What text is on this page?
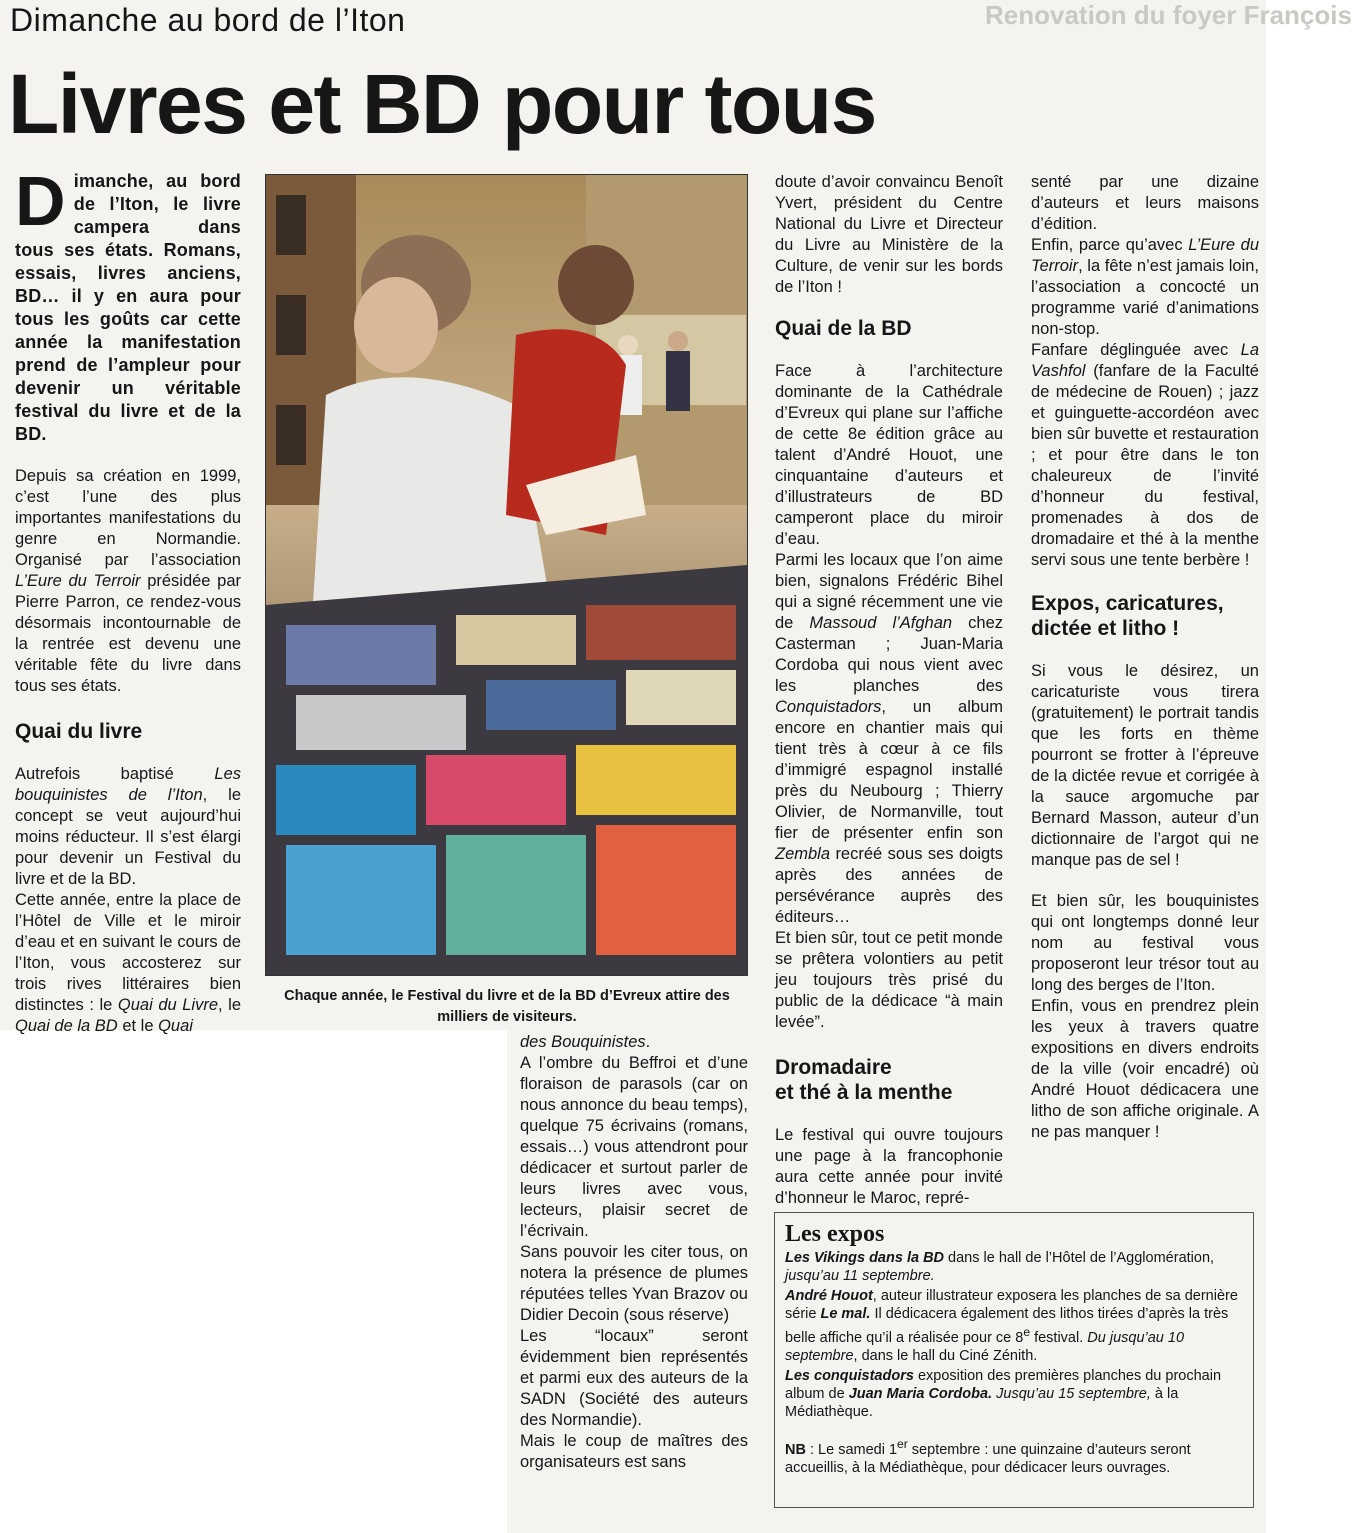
Renovation du foyer François
Dimanche au bord de l’Iton
Livres et BD pour tous

Dimanche, au bord de l’Iton, le livre campera dans tous ses états. Romans, essais, livres anciens, BD… il y en aura pour tous les goûts car cette année la manifestation prend de l’ampleur pour devenir un véritable festival du livre et de la BD.

Depuis sa création en 1999, c’est l’une des plus importantes manifestations du genre en Normandie. Organisé par l’association L’Eure du Terroir présidée par Pierre Parron, ce rendez-vous désormais incontournable de la rentrée est devenu une véritable fête du livre dans tous ses états.

Quai du livre

Autrefois baptisé Les bouquinistes de l’Iton, le concept se veut aujourd’hui moins réducteur. Il s’est élargi pour devenir un Festival du livre et de la BD.

Cette année, entre la place de l’Hôtel de Ville et le miroir d’eau et en suivant le cours de l’Iton, vous accosterez sur trois rives littéraires bien distinctes : le Quai du Livre, le Quai de la BD et le Quai

Chaque année, le Festival du livre et de la BD d’Evreux attire des milliers de visiteurs.

des Bouquinistes.

A l’ombre du Beffroi et d’une floraison de parasols (car on nous annonce du beau temps), quelque 75 écrivains (romans, essais…) vous attendront pour dédicacer et surtout parler de leurs livres avec vous, lecteurs, plaisir secret de l’écrivain.

Sans pouvoir les citer tous, on notera la présence de plumes réputées telles Yvan Brazov ou Didier Decoin (sous réserve)

Les “locaux” seront évidemment bien représentés et parmi eux des auteurs de la SADN (Société des auteurs des Normandie).

Mais le coup de maîtres des organisateurs est sans

doute d’avoir convaincu Benoît Yvert, président du Centre National du Livre et Directeur du Livre au Ministère de la Culture, de venir sur les bords de l’Iton !

Quai de la BD

Face à l’architecture dominante de la Cathédrale d’Evreux qui plane sur l’affiche de cette 8e édition grâce au talent d’André Houot, une cinquantaine d’auteurs et d’illustrateurs de BD camperont place du miroir d’eau.

Parmi les locaux que l’on aime bien, signalons Frédéric Bihel qui a signé récemment une vie de Massoud l’Afghan chez Casterman ; Juan-Maria Cordoba qui nous vient avec les planches des Conquistadors, un album encore en chantier mais qui tient très à cœur à ce fils d’immigré espagnol installé près du Neubourg ; Thierry Olivier, de Normanville, tout fier de présenter enfin son Zembla recréé sous ses doigts après des années de persévérance auprès des éditeurs…

Et bien sûr, tout ce petit monde se prêtera volontiers au petit jeu toujours très prisé du public de la dédicace “à main levée”.

Dromadaire
et thé à la menthe

Le festival qui ouvre toujours une page à la francophonie aura cette année pour invité d’honneur le Maroc, repré-

senté par une dizaine d’auteurs et leurs maisons d’édition.

Enfin, parce qu’avec L’Eure du Terroir, la fête n’est jamais loin, l’association a concocté un programme varié d’animations non-stop.

Fanfare déglinguée avec La Vashfol (fanfare de la Faculté de médecine de Rouen) ; jazz et guinguette-accordéon avec bien sûr buvette et restauration ; et pour être dans le ton chaleureux de l’invité d’honneur du festival, promenades à dos de dromadaire et thé à la menthe servi sous une tente berbère !

Expos, caricatures,
dictée et litho !

Si vous le désirez, un caricaturiste vous tirera (gratuitement) le portrait tandis que les forts en thème pourront se frotter à l’épreuve de la dictée revue et corrigée à la sauce argomuche par Bernard Masson, auteur d’un dictionnaire de l’argot qui ne manque pas de sel !

Et bien sûr, les bouquinistes qui ont longtemps donné leur nom au festival vous proposeront leur trésor tout au long des berges de l’Iton.

Enfin, vous en prendrez plein les yeux à travers quatre expositions en divers endroits de la ville (voir encadré) où André Houot dédicacera une litho de son affiche originale. A ne pas manquer !

Les expos

Les Vikings dans la BD dans le hall de l’Hôtel de l’Agglomération, jusqu’au 11 septembre.

André Houot, auteur illustrateur exposera les planches de sa dernière série Le mal. Il dédicacera également des lithos tirées d’après la très belle affiche qu’il a réalisée pour ce 8e festival. Du jusqu’au 10 septembre, dans le hall du Ciné Zénith.

Les conquistadors exposition des premières planches du prochain album de Juan Maria Cordoba. Jusqu’au 15 septembre, à la Médiathèque.

NB : Le samedi 1er septembre : une quinzaine d’auteurs seront accueillis, à la Médiathèque, pour dédicacer leurs ouvrages.
